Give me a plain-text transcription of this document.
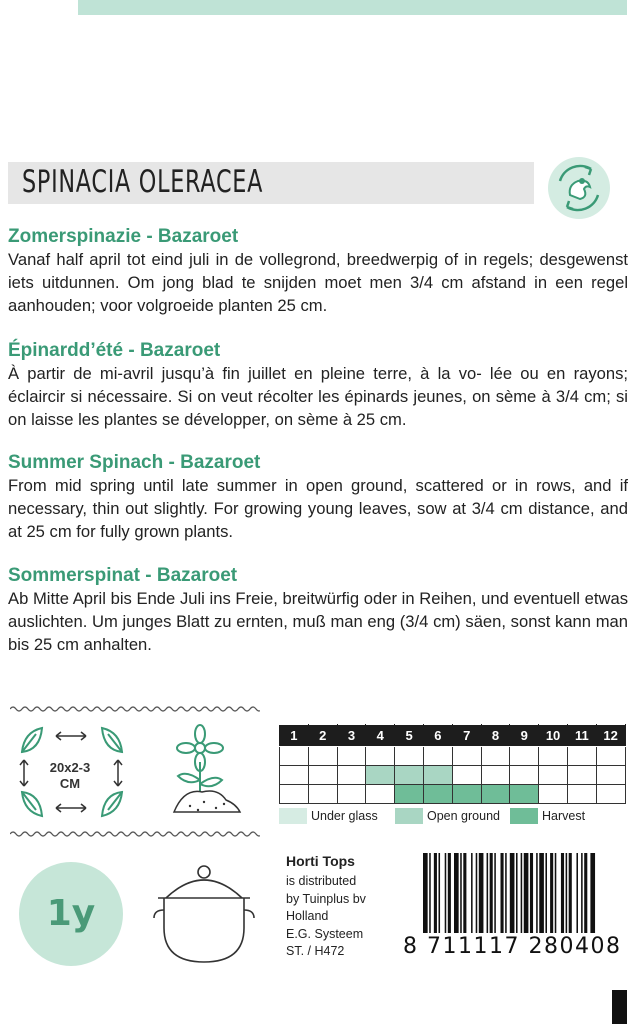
SPINACIA OLERACEA
Zomerspinazie - Bazaroet

Vanaf half april tot eind juli in de vollegrond, breedwerpig of in regels; desgewenst iets uitdunnen. Om jong blad te snijden moet men 3/4 cm afstand in een regel aanhouden; voor volgroeide planten 25 cm.

Épinardd’été - Bazaroet

À partir de mi-avril jusqu’à fin juillet en pleine terre, à la vo- lée ou en rayons; éclaircir si nécessaire. Si on veut récolter les épinards jeunes, on sème à 3/4 cm; si on laisse les plantes se développer, on sème à 25 cm.

Summer Spinach - Bazaroet

From mid spring until late summer in open ground, scattered or in rows, and if necessary, thin out slightly. For growing young leaves, sow at 3/4 cm distance, and at 25 cm for fully grown plants.

Sommerspinat - Bazaroet

Ab Mitte April bis Ende Juli ins Freie, breitwürfig oder in Reihen, und eventuell etwas auslichten. Um junges Blatt zu ernten, muß man eng (3/4 cm) säen, sonst kann man bis 25 cm anhalten.

20x2-3
CM
1	2	3	4	5	6	7	8	9	10	11	12

Under glass	Open ground	Harvest
1y
Horti Tops
is distributed
by Tuinplus bv
Holland
E.G. Systeem
ST. / H472	8 711117 280408
